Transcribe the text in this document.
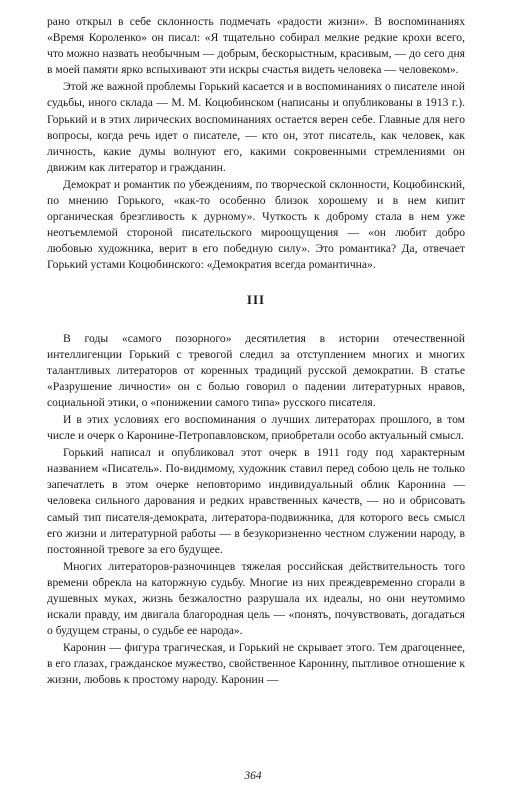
рано открыл в себе склонность подмечать «радости жизни». В воспоминаниях «Время Короленко» он писал: «Я тщательно собирал мелкие редкие крохи всего, что можно назвать необычным — добрым, бескорыстным, красивым, — до сего дня в моей памяти ярко вспыхивают эти искры счастья видеть человека — человеком».

Этой же важной проблемы Горький касается и в воспоминаниях о писателе иной судьбы, иного склада — М. М. Коцюбинском (написаны и опубликованы в 1913 г.). Горький и в этих лирических воспоминаниях остается верен себе. Главные для него вопросы, когда речь идет о писателе, — кто он, этот писатель, как человек, как личность, какие думы волнуют его, какими сокровенными стремлениями он движим как литератор и гражданин.

Демократ и романтик по убеждениям, по творческой склонности, Коцюбинский, по мнению Горького, «как-то особенно близок хорошему и в нем кипит органическая брезгливость к дурному». Чуткость к доброму стала в нем уже неотъемлемой стороной писательского мироощущения — «он любит добро любовью художника, верит в его победную силу». Это романтика? Да, отвечает Горький устами Коцюбинского: «Демократия всегда романтична».

III

В годы «самого позорного» десятилетия в истории отечественной интеллигенции Горький с тревогой следил за отступлением многих и многих талантливых литераторов от коренных традиций русской демократии. В статье «Разрушение личности» он с болью говорил о падении литературных нравов, социальной этики, о «понижении самого типа» русского писателя.

И в этих условиях его воспоминания о лучших литераторах прошлого, в том числе и очерк о Каронине-Петропавловском, приобретали особо актуальный смысл.

Горький написал и опубликовал этот очерк в 1911 году под характерным названием «Писатель». По-видимому, художник ставил перед собою цель не только запечатлеть в этом очерке неповторимо индивидуальный облик Каронина — человека сильного дарования и редких нравственных качеств, — но и обрисовать самый тип писателя-демократа, литератора-подвижника, для которого весь смысл его жизни и литературной работы — в безукоризненно честном служении народу, в постоянной тревоге за его будущее.

Многих литераторов-разночинцев тяжелая российская действительность того времени обрекла на каторжную судьбу. Многие из них преждевременно сгорали в душевных муках, жизнь безжалостно разрушала их идеалы, но они неутомимо искали правду, им двигала благородная цель — «понять, почувствовать, догадаться о будущем страны, о судьбе ее народа».

Каронин — фигура трагическая, и Горький не скрывает этого. Тем драгоценнее, в его глазах, гражданское мужество, свойственное Каронину, пытливое отношение к жизни, любовь к простому народу. Каронин —

364
